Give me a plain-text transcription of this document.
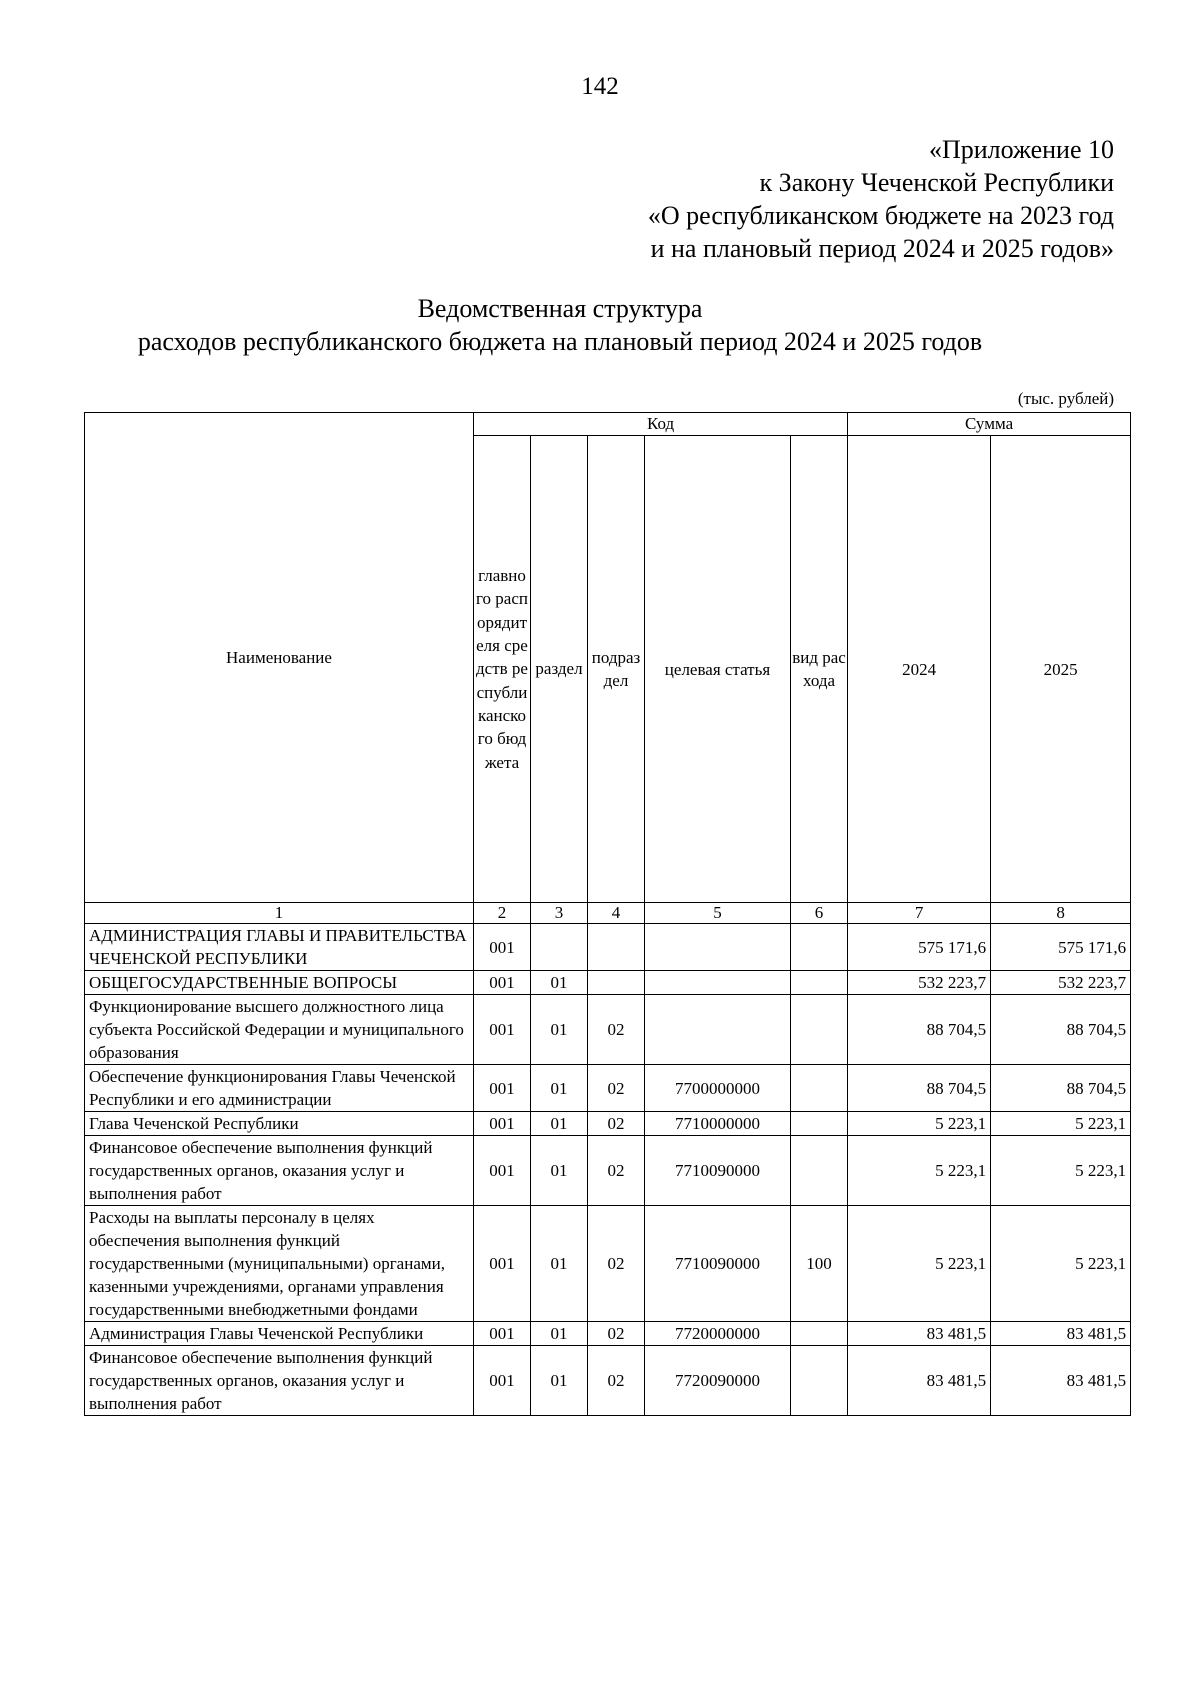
142
«Приложение 10
к Закону Чеченской Республики
«О республиканском бюджете на 2023 год
и на плановый период 2024 и 2025 годов»
Ведомственная структура
расходов республиканского бюджета на плановый период 2024 и 2025 годов
(тыс. рублей)
Наименование	Код					Сумма	
	главного распорядителя средств республиканского бюджета	раздел	подраздел	целевая статья	вид расхода	2024	2025
1	2	3	4	5	6	7	8
АДМИНИСТРАЦИЯ ГЛАВЫ И ПРАВИТЕЛЬСТВА ЧЕЧЕНСКОЙ РЕСПУБЛИКИ	001					575 171,6	575 171,6
ОБЩЕГОСУДАРСТВЕННЫЕ ВОПРОСЫ	001	01				532 223,7	532 223,7
Функционирование высшего должностного лица субъекта Российской Федерации и муниципального образования	001	01	02			88 704,5	88 704,5
Обеспечение функционирования Главы Чеченской Республики и его администрации	001	01	02	7700000000		88 704,5	88 704,5
Глава Чеченской Республики	001	01	02	7710000000		5 223,1	5 223,1
Финансовое обеспечение выполнения функций государственных органов, оказания услуг и выполнения работ	001	01	02	7710090000		5 223,1	5 223,1
Расходы на выплаты персоналу в целях обеспечения выполнения функций государственными (муниципальными) органами, казенными учреждениями, органами управления государственными внебюджетными фондами	001	01	02	7710090000	100	5 223,1	5 223,1
Администрация Главы Чеченской Республики	001	01	02	7720000000		83 481,5	83 481,5
Финансовое обеспечение выполнения функций государственных органов, оказания услуг и выполнения работ	001	01	02	7720090000		83 481,5	83 481,5
